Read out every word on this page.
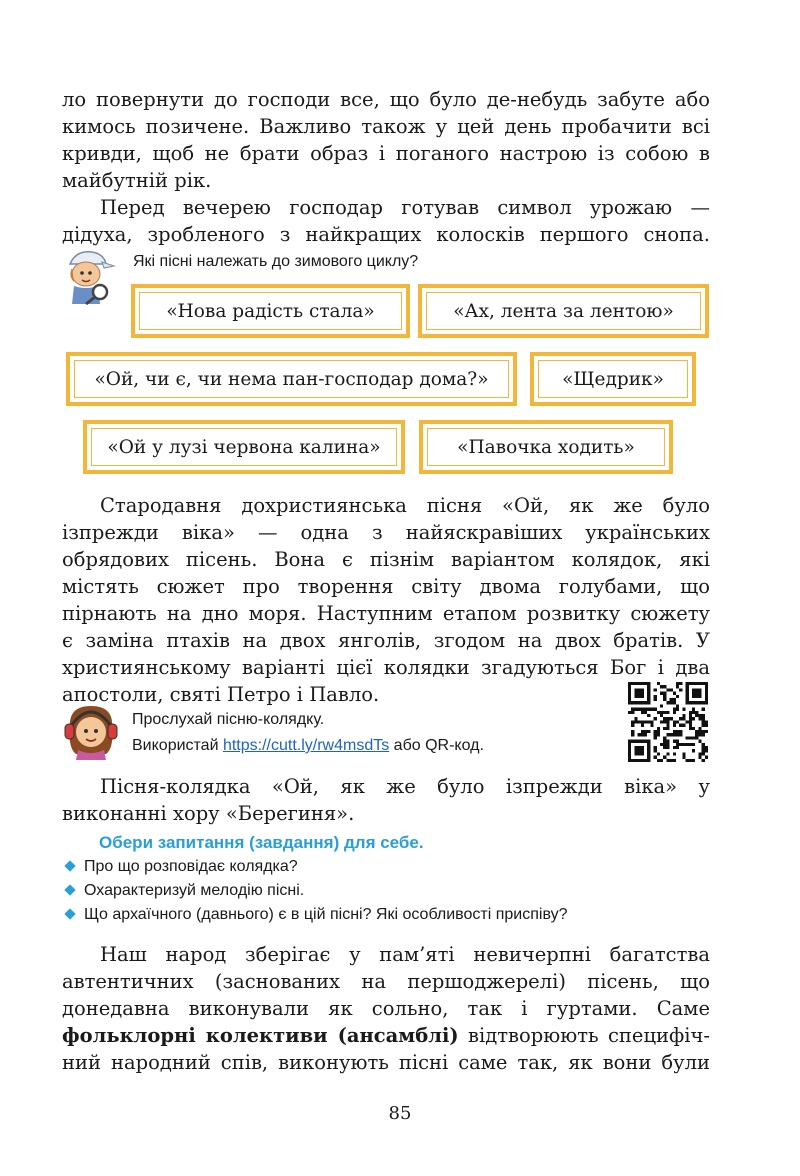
ло повернути до господи все, що було де-небудь забуте або
кимось позичене. Важливо також у цей день пробачити всі
кривди, щоб не брати образ і поганого настрою із собою в
майбутній рік.
Перед вечерею господар готував символ урожаю —
дідуха, зробленого з найкращих колосків першого снопа.
Які пісні належать до зимового циклу?
«Нова радість стала»	«Ах, лента за лентою»
«Ой, чи є, чи нема пан-господар дома?»	«Щедрик»
«Ой у лузі червона калина»	«Павочка ходить»
Стародавня дохристиянська пісня «Ой, як же було
ізпрежди віка» — одна з найяскравіших українських
обрядових пісень. Вона є пізнім варіантом колядок, які
містять сюжет про творення світу двома голубами, що
пірнають на дно моря. Наступним етапом розвитку сюжету
є заміна птахів на двох янголів, згодом на двох братів. У
християнському варіанті цієї колядки згадуються Бог і два
апостоли, святі Петро і Павло.
Прослухай пісню-колядку.
Використай https://cutt.ly/rw4msdTs або QR-код.
Пісня-колядка «Ой, як же було ізпрежди віка» у
виконанні хору «Берегиня».
Обери запитання (завдання) для себе.
Про що розповідає колядка?
Охарактеризуй мелодію пісні.
Що архаїчного (давнього) є в цій пісні? Які особливості приспіву?
Наш народ зберігає у пам’яті невичерпні багатства
автентичних (заснованих на першоджерелі) пісень, що
донедавна виконували як сольно, так і гуртами. Саме
фольклорні колективи (ансамблі) відтворюють специфіч-
ний народний спів, виконують пісні саме так, як вони були
85
